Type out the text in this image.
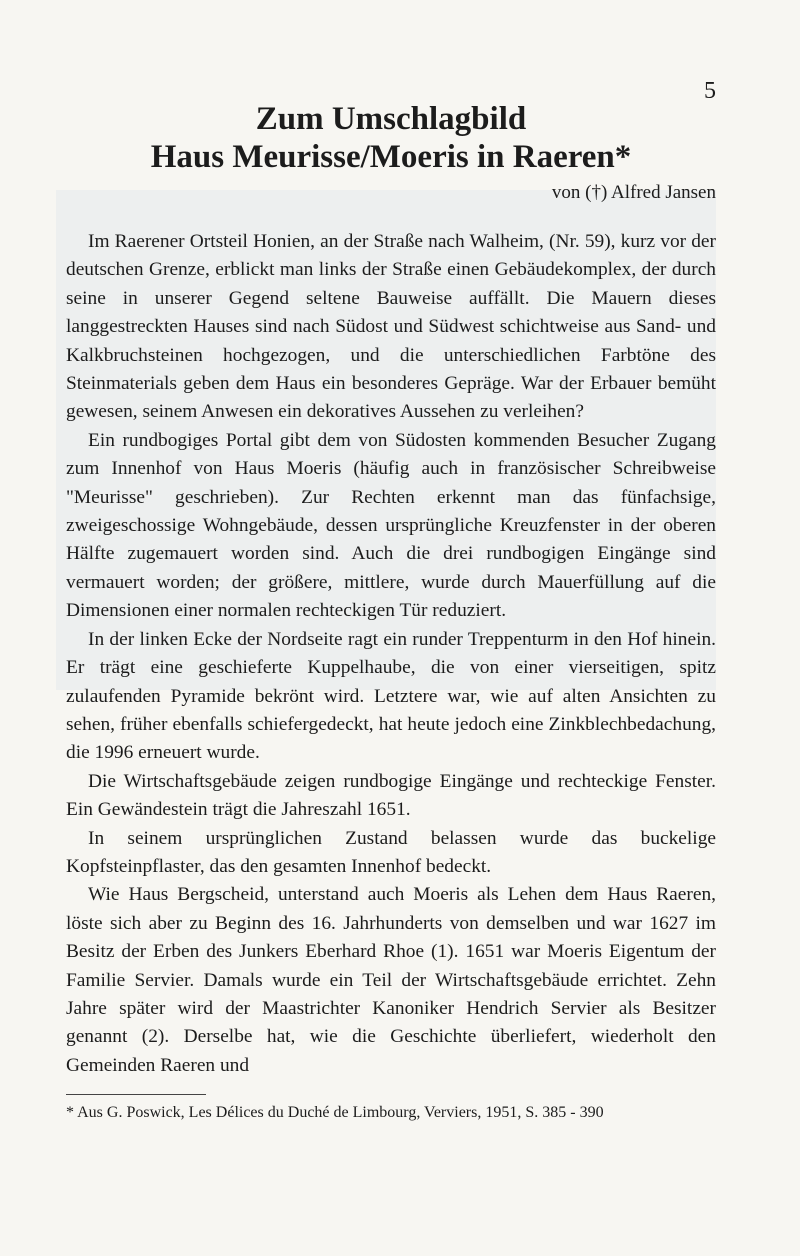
5
Zum Umschlagbild
Haus Meurisse/Moeris in Raeren*
von (†) Alfred Jansen

Im Raerener Ortsteil Honien, an der Straße nach Walheim, (Nr. 59), kurz vor der deutschen Grenze, erblickt man links der Straße einen Gebäudekomplex, der durch seine in unserer Gegend seltene Bauweise auffällt. Die Mauern dieses langgestreckten Hauses sind nach Südost und Südwest schichtweise aus Sand- und Kalkbruchsteinen hochgezogen, und die unterschiedlichen Farbtöne des Steinmaterials geben dem Haus ein besonderes Gepräge. War der Erbauer bemüht gewesen, seinem Anwesen ein dekoratives Aussehen zu verleihen?

Ein rundbogiges Portal gibt dem von Südosten kommenden Besucher Zugang zum Innenhof von Haus Moeris (häufig auch in französischer Schreibweise "Meurisse" geschrieben). Zur Rechten erkennt man das fünfachsige, zweigeschossige Wohngebäude, dessen ursprüngliche Kreuzfenster in der oberen Hälfte zugemauert worden sind. Auch die drei rundbogigen Eingänge sind vermauert worden; der größere, mittlere, wurde durch Mauerfüllung auf die Dimensionen einer normalen rechteckigen Tür reduziert.

In der linken Ecke der Nordseite ragt ein runder Treppenturm in den Hof hinein. Er trägt eine geschieferte Kuppelhaube, die von einer vierseitigen, spitz zulaufenden Pyramide bekrönt wird. Letztere war, wie auf alten Ansichten zu sehen, früher ebenfalls schiefergedeckt, hat heute jedoch eine Zinkblechbedachung, die 1996 erneuert wurde.

Die Wirtschaftsgebäude zeigen rundbogige Eingänge und rechteckige Fenster. Ein Gewändestein trägt die Jahreszahl 1651.

In seinem ursprünglichen Zustand belassen wurde das buckelige Kopfsteinpflaster, das den gesamten Innenhof bedeckt.

Wie Haus Bergscheid, unterstand auch Moeris als Lehen dem Haus Raeren, löste sich aber zu Beginn des 16. Jahrhunderts von demselben und war 1627 im Besitz der Erben des Junkers Eberhard Rhoe (1). 1651 war Moeris Eigentum der Familie Servier. Damals wurde ein Teil der Wirtschaftsgebäude errichtet. Zehn Jahre später wird der Maastrichter Kanoniker Hendrich Servier als Besitzer genannt (2). Derselbe hat, wie die Geschichte überliefert, wiederholt den Gemeinden Raeren und

* Aus G. Poswick, Les Délices du Duché de Limbourg, Verviers, 1951, S. 385 - 390
